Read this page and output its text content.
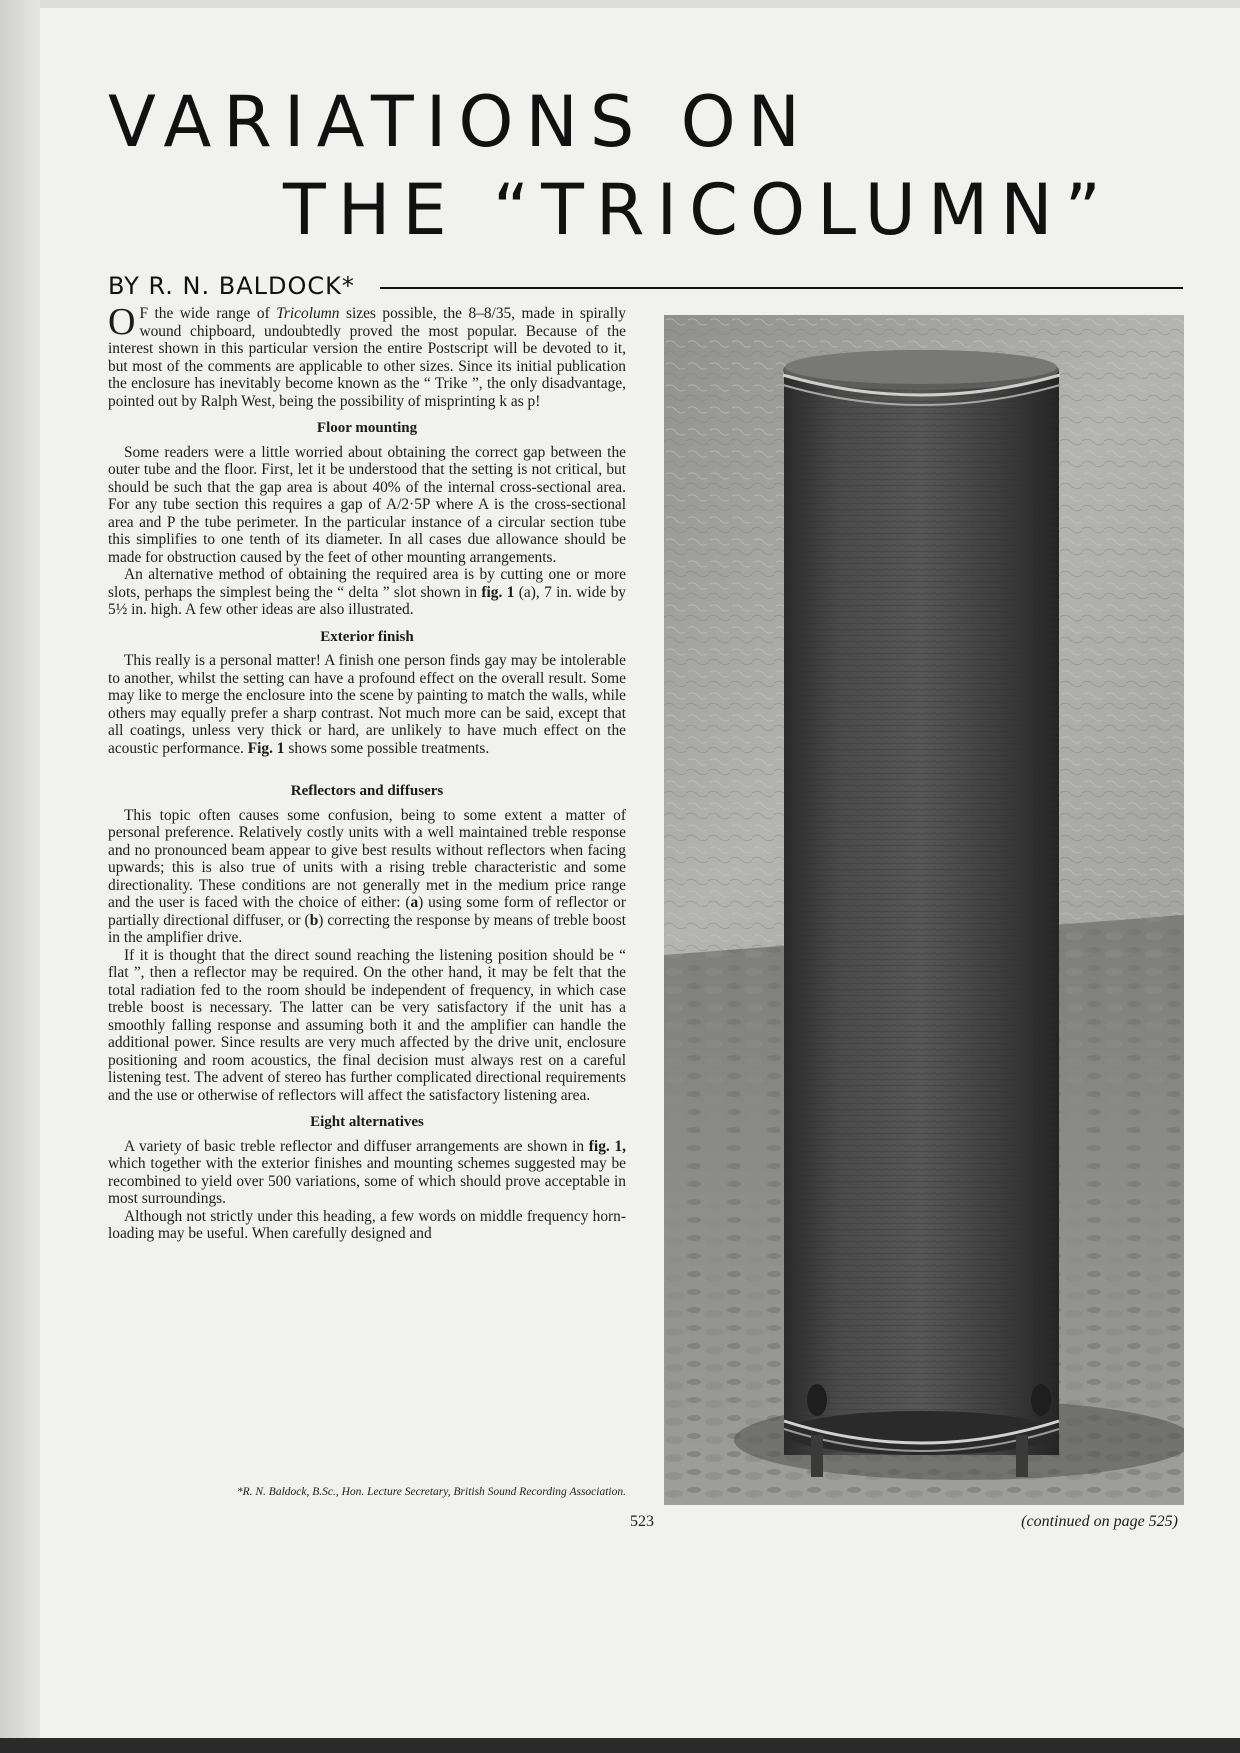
VARIATIONS ON
THE “TRICOLUMN”
BY R. N. BALDOCK*

O F the wide range of Tricolumn sizes possible, the 8–8/35, made in spirally wound chipboard, undoubtedly proved the most popular. Because of the interest shown in this particular version the entire Postscript will be devoted to it, but most of the comments are applicable to other sizes. Since its initial publication the enclosure has inevitably become known as the “ Trike ”, the only disadvantage, pointed out by Ralph West, being the possibility of misprinting k as p!

Floor mounting

Some readers were a little worried about obtaining the correct gap between the outer tube and the floor. First, let it be understood that the setting is not critical, but should be such that the gap area is about 40% of the internal cross-sectional area. For any tube section this requires a gap of A/2·5P where A is the cross-sectional area and P the tube perimeter. In the particular instance of a circular section tube this simplifies to one tenth of its diameter. In all cases due allowance should be made for obstruction caused by the feet of other mounting arrangements.

An alternative method of obtaining the required area is by cutting one or more slots, perhaps the simplest being the “ delta ” slot shown in fig. 1 (a), 7 in. wide by 5½ in. high. A few other ideas are also illustrated.

Exterior finish

This really is a personal matter! A finish one person finds gay may be intolerable to another, whilst the setting can have a profound effect on the overall result. Some may like to merge the enclosure into the scene by painting to match the walls, while others may equally prefer a sharp contrast. Not much more can be said, except that all coatings, unless very thick or hard, are unlikely to have much effect on the acoustic performance. Fig. 1 shows some possible treatments.

Reflectors and diffusers

This topic often causes some confusion, being to some extent a matter of personal preference. Relatively costly units with a well maintained treble response and no pronounced beam appear to give best results without reflectors when facing upwards; this is also true of units with a rising treble characteristic and some directionality. These conditions are not generally met in the medium price range and the user is faced with the choice of either: (a) using some form of reflector or partially directional diffuser, or (b) correcting the response by means of treble boost in the amplifier drive.

If it is thought that the direct sound reaching the listening position should be “ flat ”, then a reflector may be required. On the other hand, it may be felt that the total radiation fed to the room should be independent of frequency, in which case treble boost is necessary. The latter can be very satisfactory if the unit has a smoothly falling response and assuming both it and the amplifier can handle the additional power. Since results are very much affected by the drive unit, enclosure positioning and room acoustics, the final decision must always rest on a careful listening test. The advent of stereo has further complicated directional requirements and the use or otherwise of reflectors will affect the satisfactory listening area.

Eight alternatives

A variety of basic treble reflector and diffuser arrangements are shown in fig. 1, which together with the exterior finishes and mounting schemes suggested may be recombined to yield over 500 variations, some of which should prove acceptable in most surroundings.

Although not strictly under this heading, a few words on middle frequency horn-loading may be useful. When carefully designed and

*R. N. Baldock, B.Sc., Hon. Lecture Secretary, British Sound Recording Association.
523	(continued on page 525)
